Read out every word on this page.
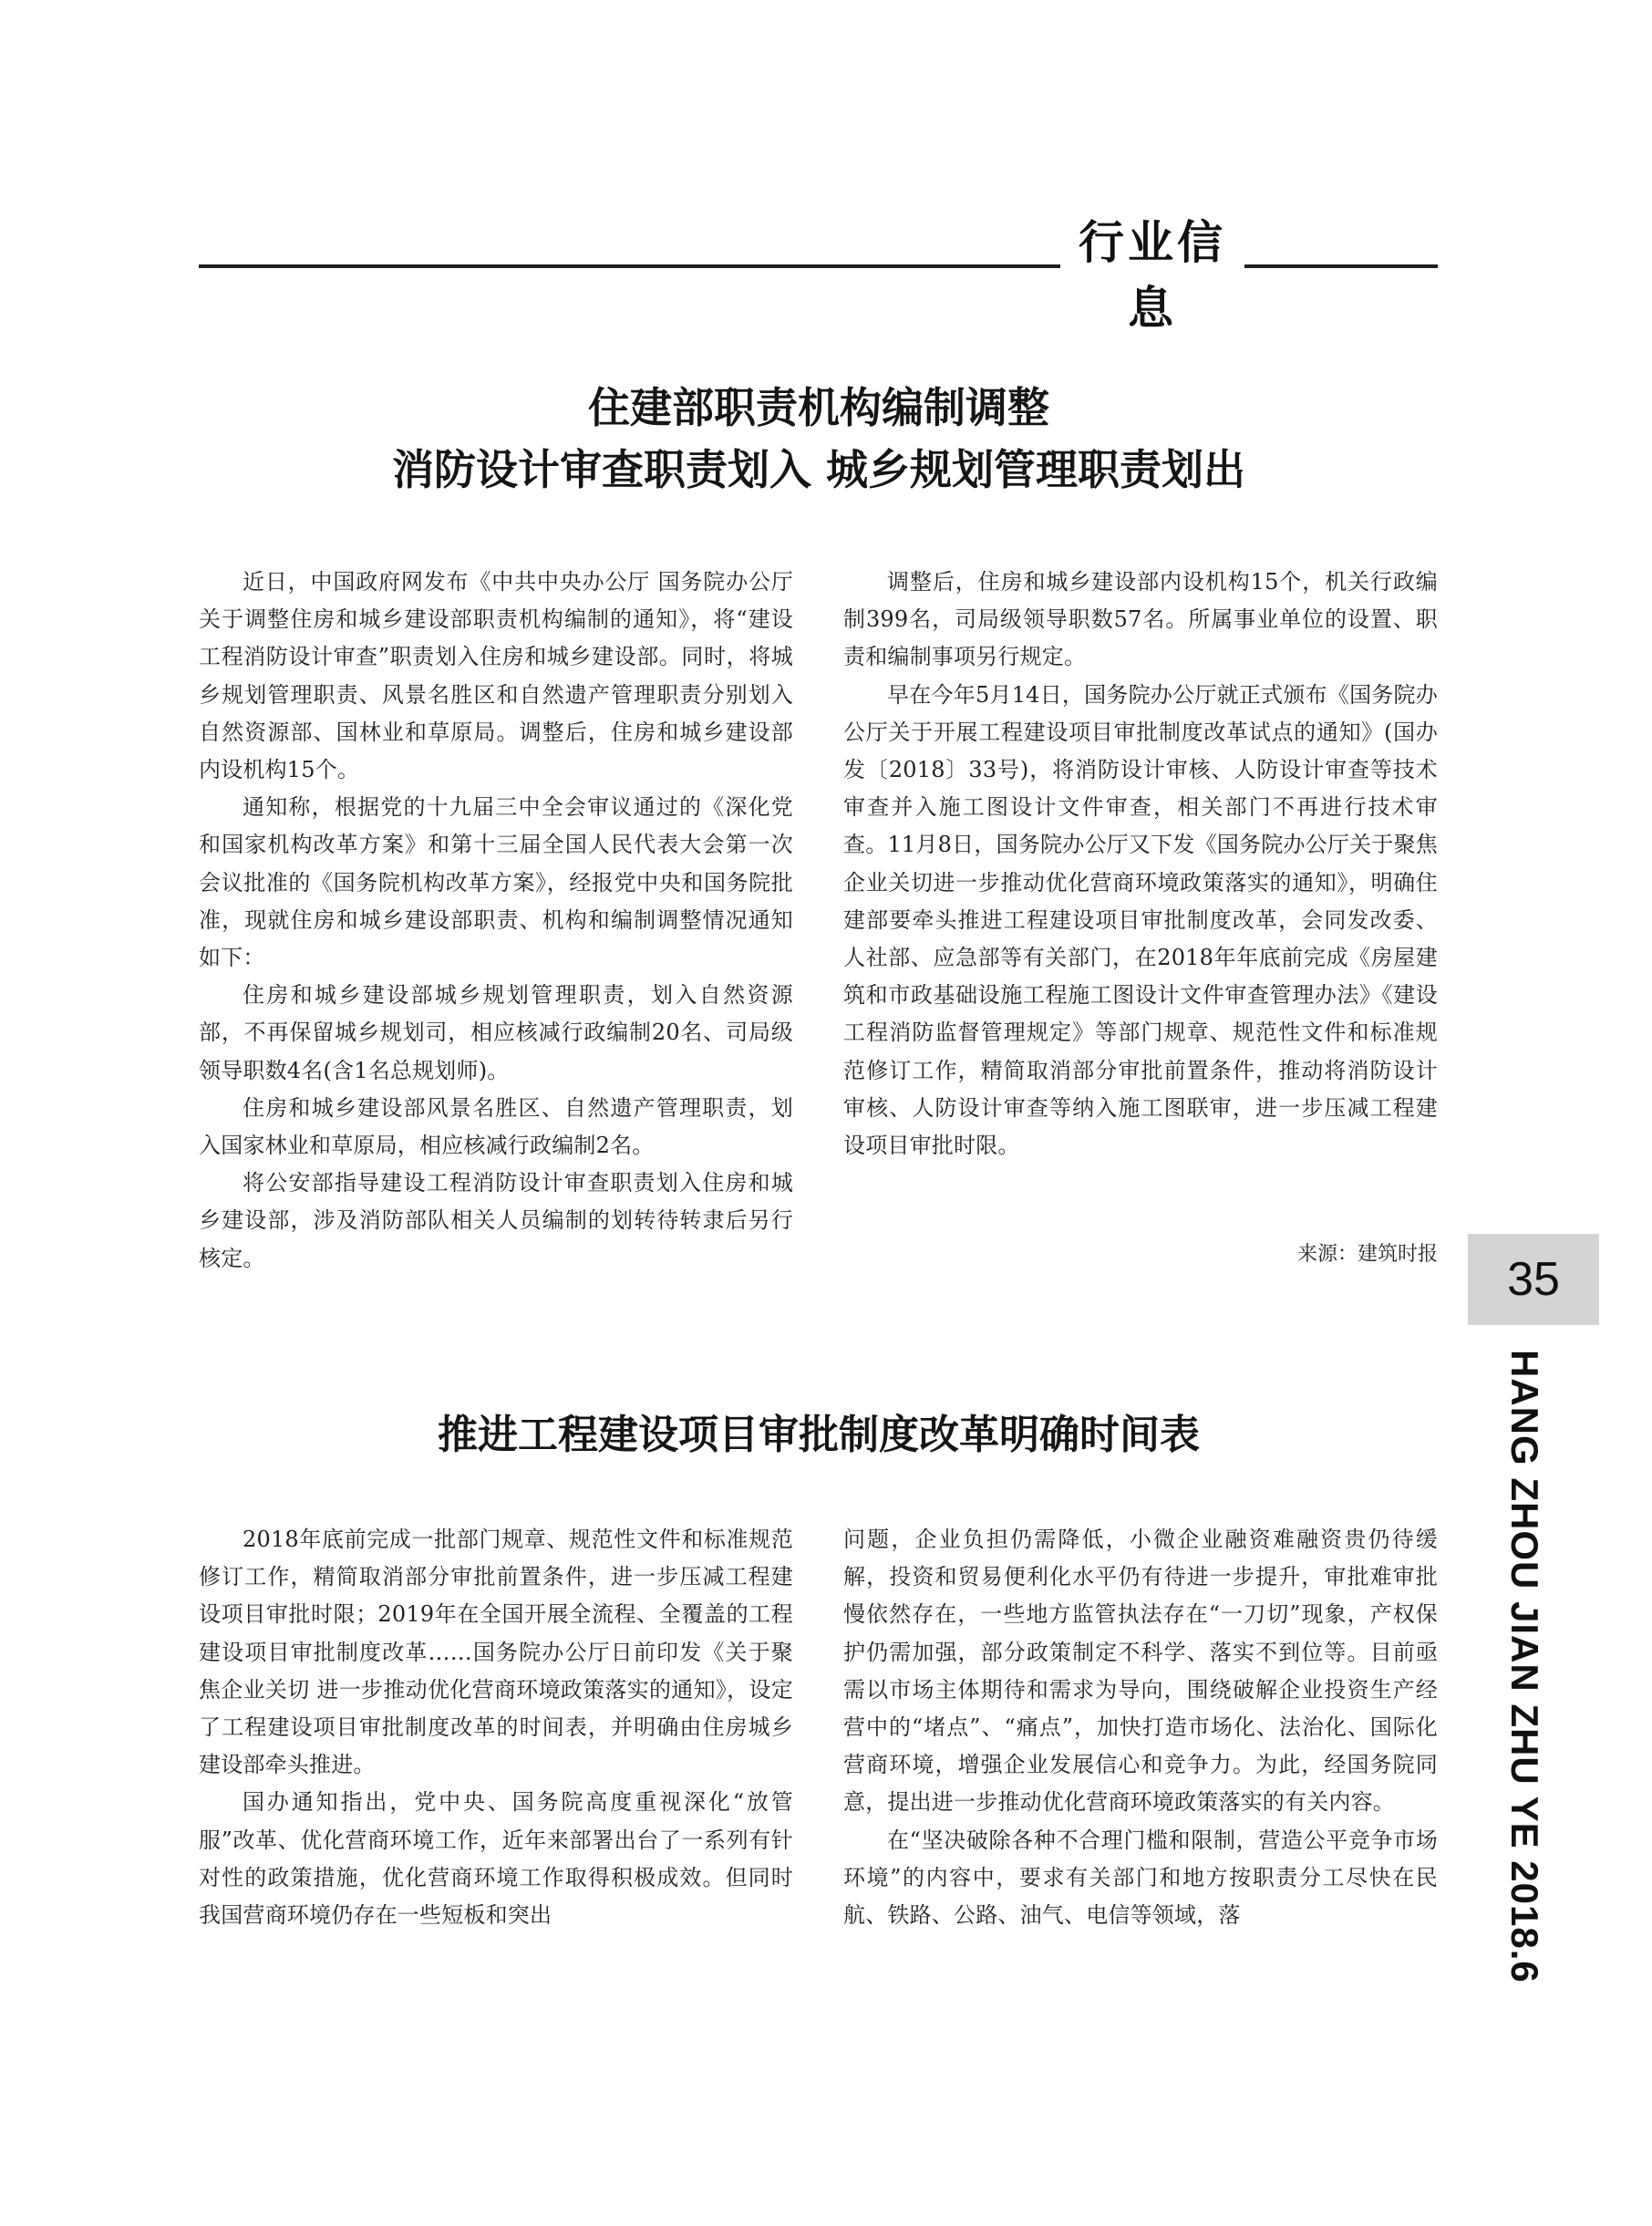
行业信息
住建部职责机构编制调整
消防设计审查职责划入 城乡规划管理职责划出

近日，中国政府网发布《中共中央办公厅 国务院办公厅关于调整住房和城乡建设部职责机构编制的通知》，将“建设工程消防设计审查”职责划入住房和城乡建设部。同时，将城乡规划管理职责、风景名胜区和自然遗产管理职责分别划入自然资源部、国林业和草原局。调整后，住房和城乡建设部内设机构15个。

通知称，根据党的十九届三中全会审议通过的《深化党和国家机构改革方案》和第十三届全国人民代表大会第一次会议批准的《国务院机构改革方案》，经报党中央和国务院批准，现就住房和城乡建设部职责、机构和编制调整情况通知如下：

住房和城乡建设部城乡规划管理职责，划入自然资源部，不再保留城乡规划司，相应核减行政编制20名、司局级领导职数4名(含1名总规划师)。

住房和城乡建设部风景名胜区、自然遗产管理职责，划入国家林业和草原局，相应核减行政编制2名。

将公安部指导建设工程消防设计审查职责划入住房和城乡建设部，涉及消防部队相关人员编制的划转待转隶后另行核定。

调整后，住房和城乡建设部内设机构15个，机关行政编制399名，司局级领导职数57名。所属事业单位的设置、职责和编制事项另行规定。

早在今年5月14日，国务院办公厅就正式颁布《国务院办公厅关于开展工程建设项目审批制度改革试点的通知》(国办发〔2018〕33号)，将消防设计审核、人防设计审查等技术审查并入施工图设计文件审查，相关部门不再进行技术审查。11月8日，国务院办公厅又下发《国务院办公厅关于聚焦企业关切进一步推动优化营商环境政策落实的通知》，明确住建部要牵头推进工程建设项目审批制度改革，会同发改委、人社部、应急部等有关部门，在2018年年底前完成《房屋建筑和市政基础设施工程施工图设计文件审查管理办法》《建设工程消防监督管理规定》等部门规章、规范性文件和标准规范修订工作，精简取消部分审批前置条件，推动将消防设计审核、人防设计审查等纳入施工图联审，进一步压减工程建设项目审批时限。

来源：建筑时报	35
HANG ZHOU JIAN ZHU YE 2018.6
推进工程建设项目审批制度改革明确时间表

2018年底前完成一批部门规章、规范性文件和标准规范修订工作，精简取消部分审批前置条件，进一步压减工程建设项目审批时限；2019年在全国开展全流程、全覆盖的工程建设项目审批制度改革……国务院办公厅日前印发《关于聚焦企业关切 进一步推动优化营商环境政策落实的通知》，设定了工程建设项目审批制度改革的时间表，并明确由住房城乡建设部牵头推进。

国办通知指出，党中央、国务院高度重视深化“放管服”改革、优化营商环境工作，近年来部署出台了一系列有针对性的政策措施，优化营商环境工作取得积极成效。但同时我国营商环境仍存在一些短板和突出

问题，企业负担仍需降低，小微企业融资难融资贵仍待缓解，投资和贸易便利化水平仍有待进一步提升，审批难审批慢依然存在，一些地方监管执法存在“一刀切”现象，产权保护仍需加强，部分政策制定不科学、落实不到位等。目前亟需以市场主体期待和需求为导向，围绕破解企业投资生产经营中的“堵点”、“痛点”，加快打造市场化、法治化、国际化营商环境，增强企业发展信心和竞争力。为此，经国务院同意，提出进一步推动优化营商环境政策落实的有关内容。

在“坚决破除各种不合理门槛和限制，营造公平竞争市场环境”的内容中，要求有关部门和地方按职责分工尽快在民航、铁路、公路、油气、电信等领域，落
